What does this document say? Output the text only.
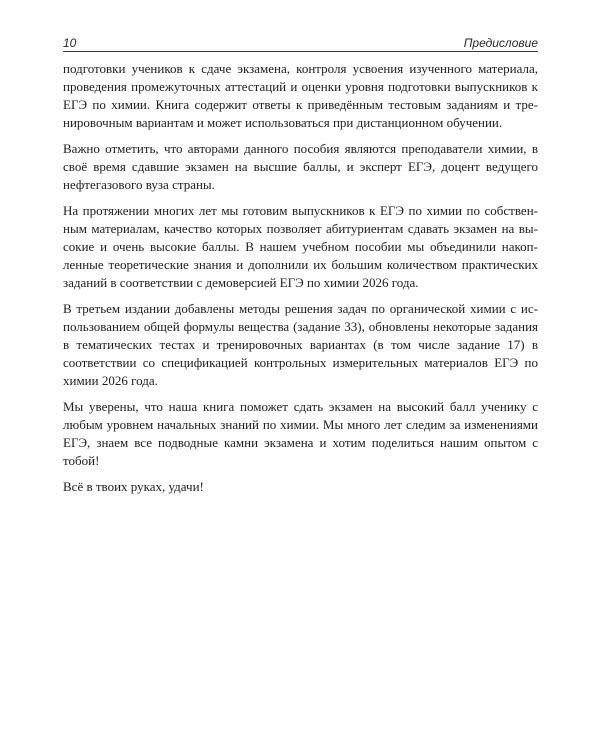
10	Предисловие

подготовки учеников к сдаче экзамена, контроля усвоения изученного материала, проведения промежуточных аттестаций и оценки уровня подготовки выпускников к ЕГЭ по химии. Книга содержит ответы к приведённым тестовым заданиям и тренировочным вариантам и может использоваться при дистанционном обучении.

Важно отметить, что авторами данного пособия являются преподаватели химии, в своё время сдавшие экзамен на высшие баллы, и эксперт ЕГЭ, доцент ведущего нефтегазового вуза страны.

На протяжении многих лет мы готовим выпускников к ЕГЭ по химии по собственным материалам, качество которых позволяет абитуриентам сдавать экзамен на высокие и очень высокие баллы. В нашем учебном пособии мы объединили накопленные теоретические знания и дополнили их большим количеством практических заданий в соответствии с демоверсией ЕГЭ по химии 2026 года.

В третьем издании добавлены методы решения задач по органической химии с использованием общей формулы вещества (задание 33), обновлены некоторые задания в тематических тестах и тренировочных вариантах (в том числе задание 17) в соответствии со спецификацией контрольных измерительных материалов ЕГЭ по химии 2026 года.

Мы уверены, что наша книга поможет сдать экзамен на высокий балл ученику с любым уровнем начальных знаний по химии. Мы много лет следим за изменениями ЕГЭ, знаем все подводные камни экзамена и хотим поделиться нашим опытом с тобой!

Всё в твоих руках, удачи!
